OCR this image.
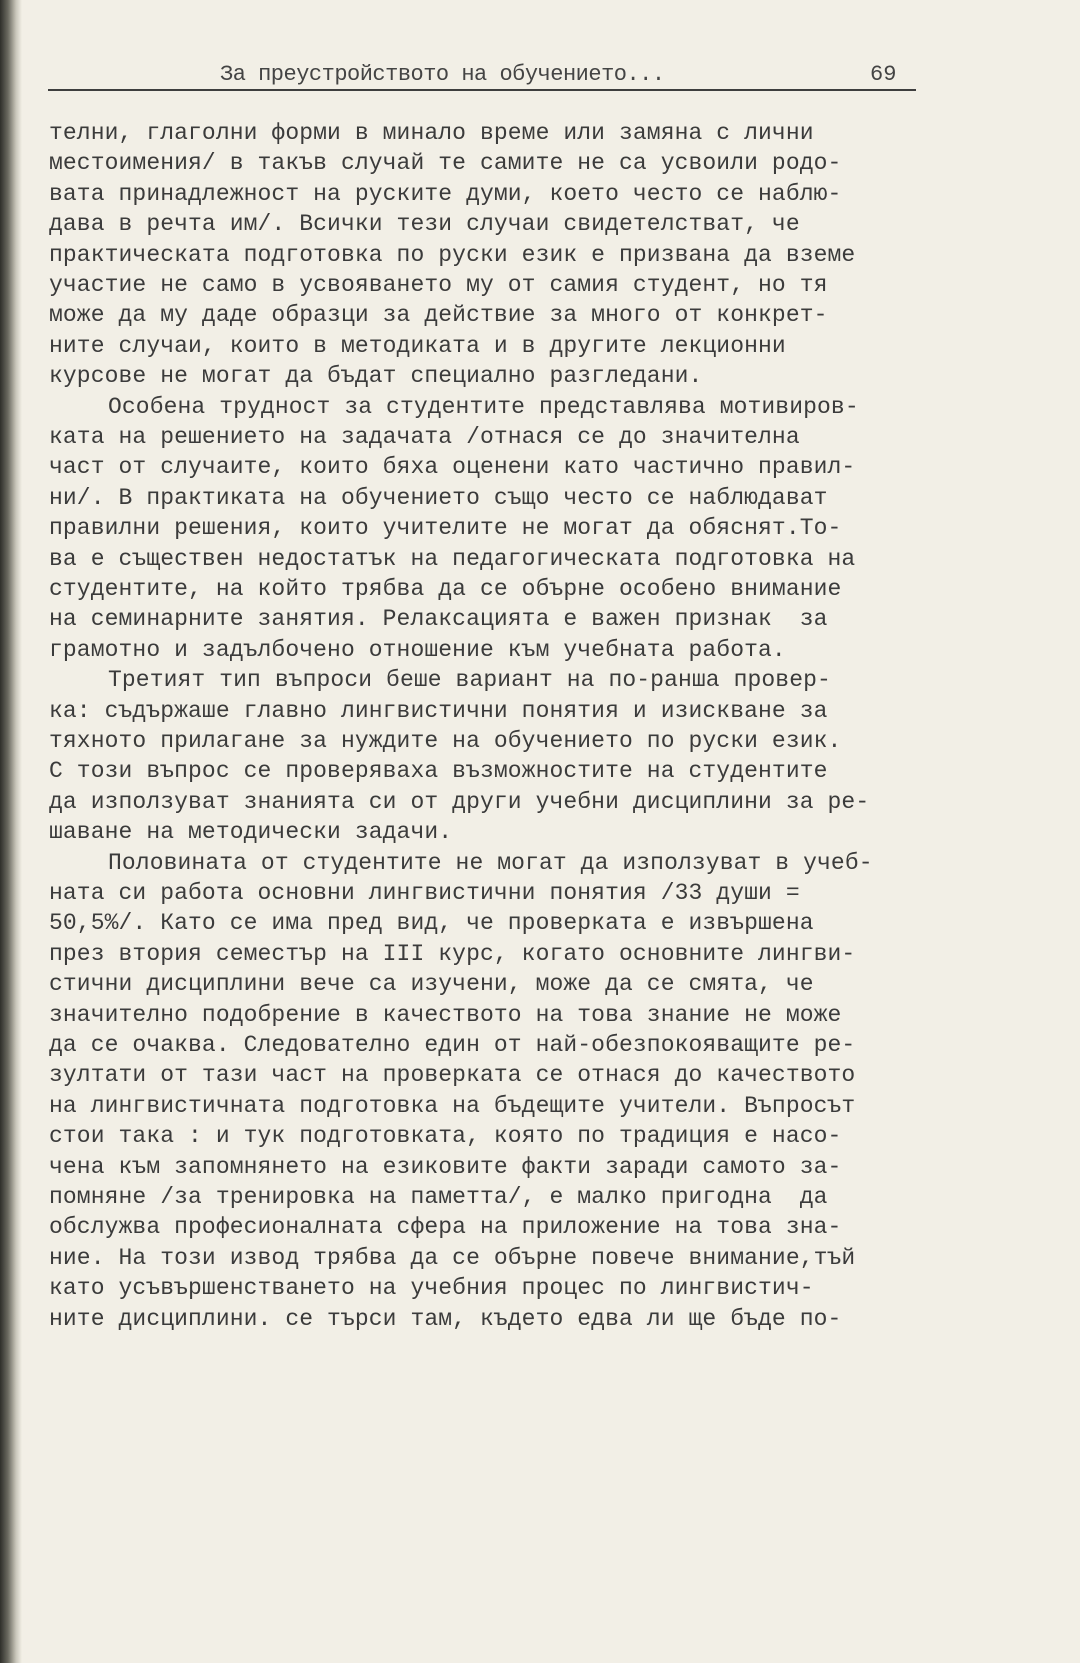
За преустройството на обучението...	69
телни, глаголни форми в минало време или замяна с лични
местоимения/ в такъв случай те самите не са усвоили родо-
вата принадлежност на руските думи, което често се наблю-
дава в речта им/. Всички тези случаи свидетелстват, че
практическата подготовка по руски език е призвана да вземе
участие не само в усвояването му от самия студент, но тя
може да му даде образци за действие за много от конкрет-
ните случаи, които в методиката и в другите лекционни
курсове не могат да бъдат специално разгледани.
Особена трудност за студентите представлява мотивиров-
ката на решението на задачата /отнася се до значителна
част от случаите, които бяха оценени като частично правил-
ни/. В практиката на обучението също често се наблюдават
правилни решения, които учителите не могат да обяснят.То-
ва е съществен недостатък на педагогическата подготовка на
студентите, на който трябва да се обърне особено внимание
на семинарните занятия. Релаксацията е важен признак  за
грамотно и задълбочено отношение към учебната работа.
Третият тип въпроси беше вариант на по-ранша провер-
ка: съдържаше главно лингвистични понятия и изискване за
тяхното прилагане за нуждите на обучението по руски език.
С този въпрос се проверяваха възможностите на студентите
да използуват знанията си от други учебни дисциплини за ре-
шаване на методически задачи.
Половината от студентите не могат да използуват в учеб-
ната си работа основни лингвистични понятия /33 души =
50,5%/. Като се има пред вид, че проверката е извършена
през втория семестър на III курс, когато основните лингви-
стични дисциплини вече са изучени, може да се смята, че
значително подобрение в качеството на това знание не може
да се очаква. Следователно един от най-обезпокояващите ре-
зултати от тази част на проверката се отнася до качеството
на лингвистичната подготовка на бъдещите учители. Въпросът
стои така : и тук подготовката, която по традиция е насо-
чена към запомнянето на езиковите факти заради самото за-
помняне /за тренировка на паметта/, е малко пригодна  да
обслужва професионалната сфера на приложение на това зна-
ние. На този извод трябва да се обърне повече внимание,тъй
като усъвършенстването на учебния процес по лингвистич-
ните дисциплини. се търси там, където едва ли ще бъде по-
